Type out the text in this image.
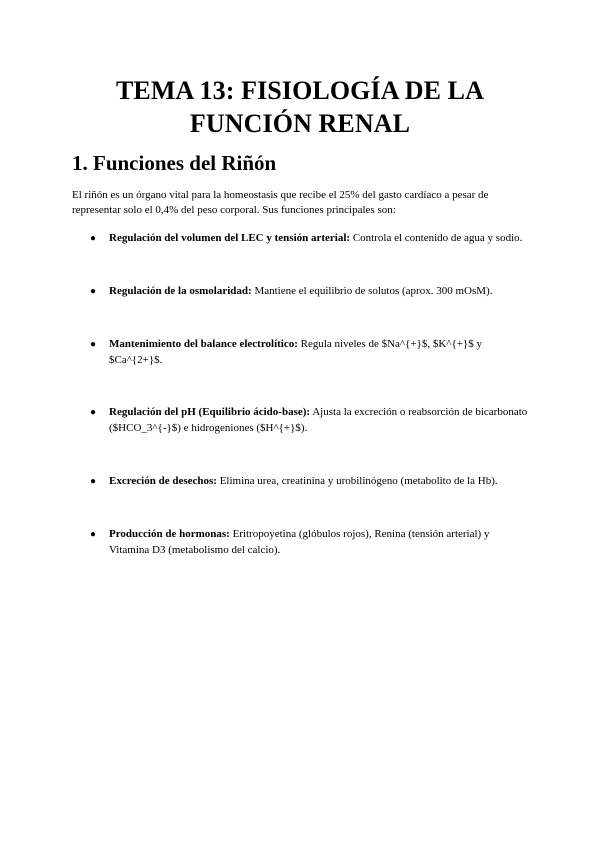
TEMA 13: FISIOLOGÍA DE LA
FUNCIÓN RENAL
1. Funciones del Riñón

El riñón es un órgano vital para la homeostasis que recibe el 25% del gasto cardíaco a pesar de representar solo el 0,4% del peso corporal. Sus funciones principales son:

●	Regulación del volumen del LEC y tensión arterial: Controla el contenido de agua y sodio.
●	Regulación de la osmolaridad: Mantiene el equilibrio de solutos (aprox. 300 mOsM).
●	Mantenimiento del balance electrolítico: Regula niveles de $Na^{+}$, $K^{+}$ y $Ca^{2+}$.
●	Regulación del pH (Equilibrio ácido-base): Ajusta la excreción o reabsorción de bicarbonato ($HCO_3^{-}$) e hidrogeniones ($H^{+}$).
●	Excreción de desechos: Elimina urea, creatinina y urobilinógeno (metabolito de la Hb).
●	Producción de hormonas: Eritropoyetina (glóbulos rojos), Renina (tensión arterial) y Vitamina D3 (metabolismo del calcio).
